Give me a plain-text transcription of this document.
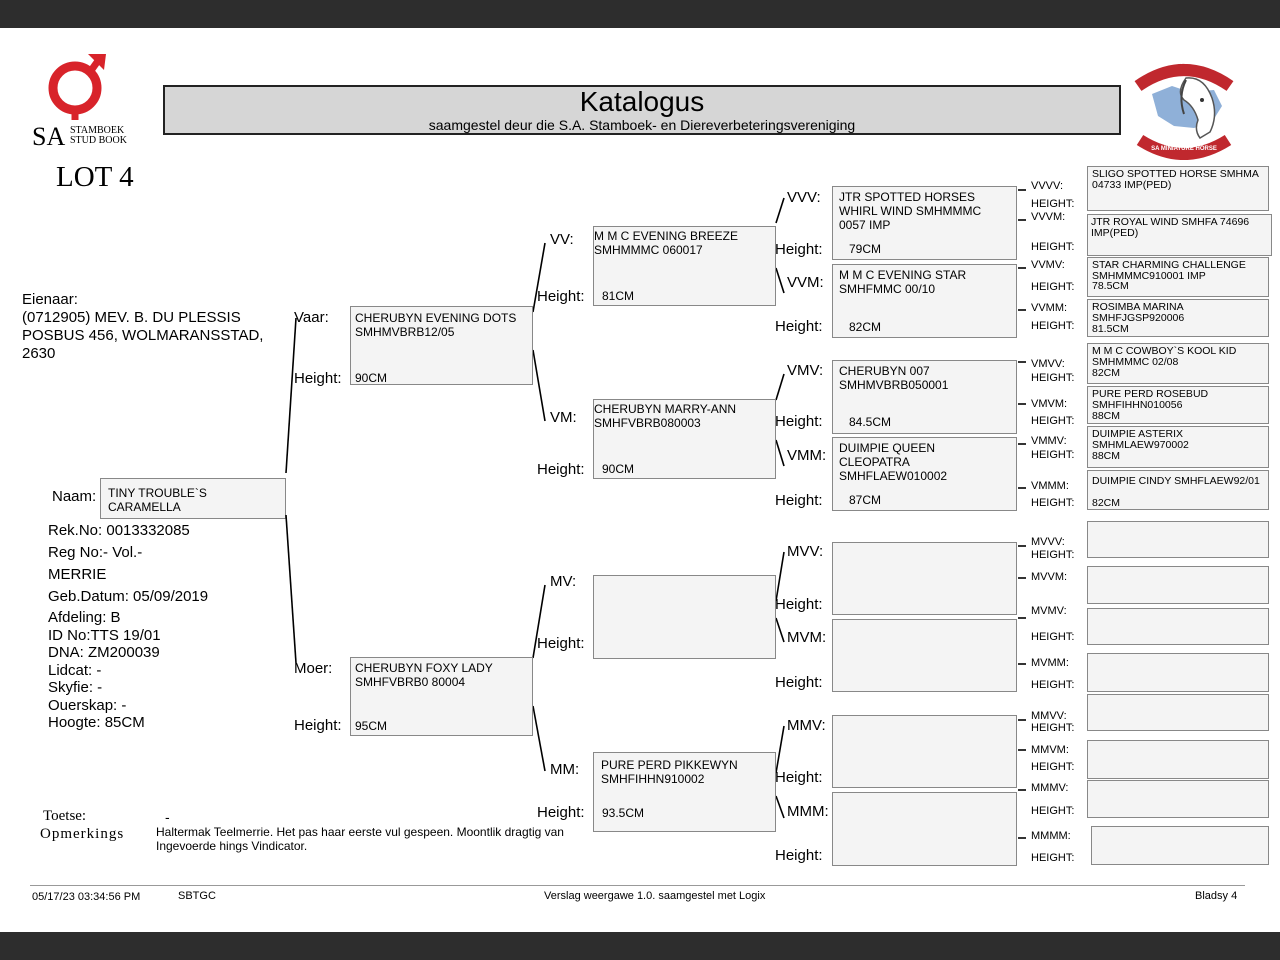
SA STAMBOEK
STUD BOOK
Katalogus
saamgestel deur die S.A. Stamboek- en Diereverbeteringsvereniging
SA MINIATUUR PERD
SA MINIATURE HORSE
LOT 4
Eienaar:
(0712905) MEV. B. DU PLESSIS
POSBUS 456, WOLMARANSSTAD,
2630
Naam: TINY TROUBLE`S CARAMELLA
Rek.No: 0013332085
Reg No:- Vol.-
MERRIE
Geb.Datum: 05/09/2019
Afdeling: B
ID No:TTS 19/01
DNA: ZM200039
Lidcat: -
Skyfie: -
Ouerskap: -
Hoogte: 85CM
Vaar:
Height:
CHERUBYN EVENING DOTS SMHMVBRB12/05
90CM
Moer:
Height:
CHERUBYN FOXY LADY SMHFVBRB0 80004
95CM
VV:
Height:
M M C EVENING BREEZE SMHMMMC 060017
81CM
VM:
Height:
CHERUBYN MARRY-ANN SMHFVBRB080003
90CM
MV:
Height:
MM:
Height:
PURE PERD PIKKEWYN SMHFIHHN910002
93.5CM
VVV:
Height:
JTR SPOTTED HORSES WHIRL WIND SMHMMMC 0057 IMP
79CM
VVM:
Height:
M M C EVENING STAR SMHFMMC 00/10
82CM
VMV:
Height:
CHERUBYN 007 SMHMVBRB050001
84.5CM
VMM:
Height:
DUIMPIE QUEEN CLEOPATRA SMHFLAEW010002
87CM
MVV:
Height:
MVM:
Height:
MMV:
Height:
MMM:
Height:
VVVV:
HEIGHT:
VVVM:
HEIGHT:
VVMV:
HEIGHT:
VVMM:
HEIGHT:
VMVV:
HEIGHT:
VMVM:
HEIGHT:
VMMV:
HEIGHT:
VMMM:
HEIGHT:
MVVV:
HEIGHT:
MVVM:
MVMV:
HEIGHT:
MVMM:
HEIGHT:
MMVV:
HEIGHT:
MMVM:
HEIGHT:
MMMV:
HEIGHT:
MMMM:
HEIGHT:
SLIGO SPOTTED HORSE SMHMA 04733 IMP(PED)
JTR ROYAL WIND SMHFA 74696 IMP(PED)
STAR CHARMING CHALLENGE SMHMMMC910001 IMP
78.5CM
ROSIMBA MARINA SMHFJGSP920006
81.5CM
M M C COWBOY`S KOOL KID SMHMMMC 02/08
82CM
PURE PERD ROSEBUD SMHFIHHN010056
88CM
DUIMPIE ASTERIX SMHMLAEW970002
88CM
DUIMPIE CINDY SMHFLAEW92/01
82CM
Toetse:	-
Opmerkings	Haltermak Teelmerrie. Het pas haar eerste vul gespeen. Moontlik dragtig van Ingevoerde hings Vindicator.
05/17/23 03:34:56 PM	SBTGC	Verslag weergawe 1.0. saamgestel met Logix	Bladsy 4
